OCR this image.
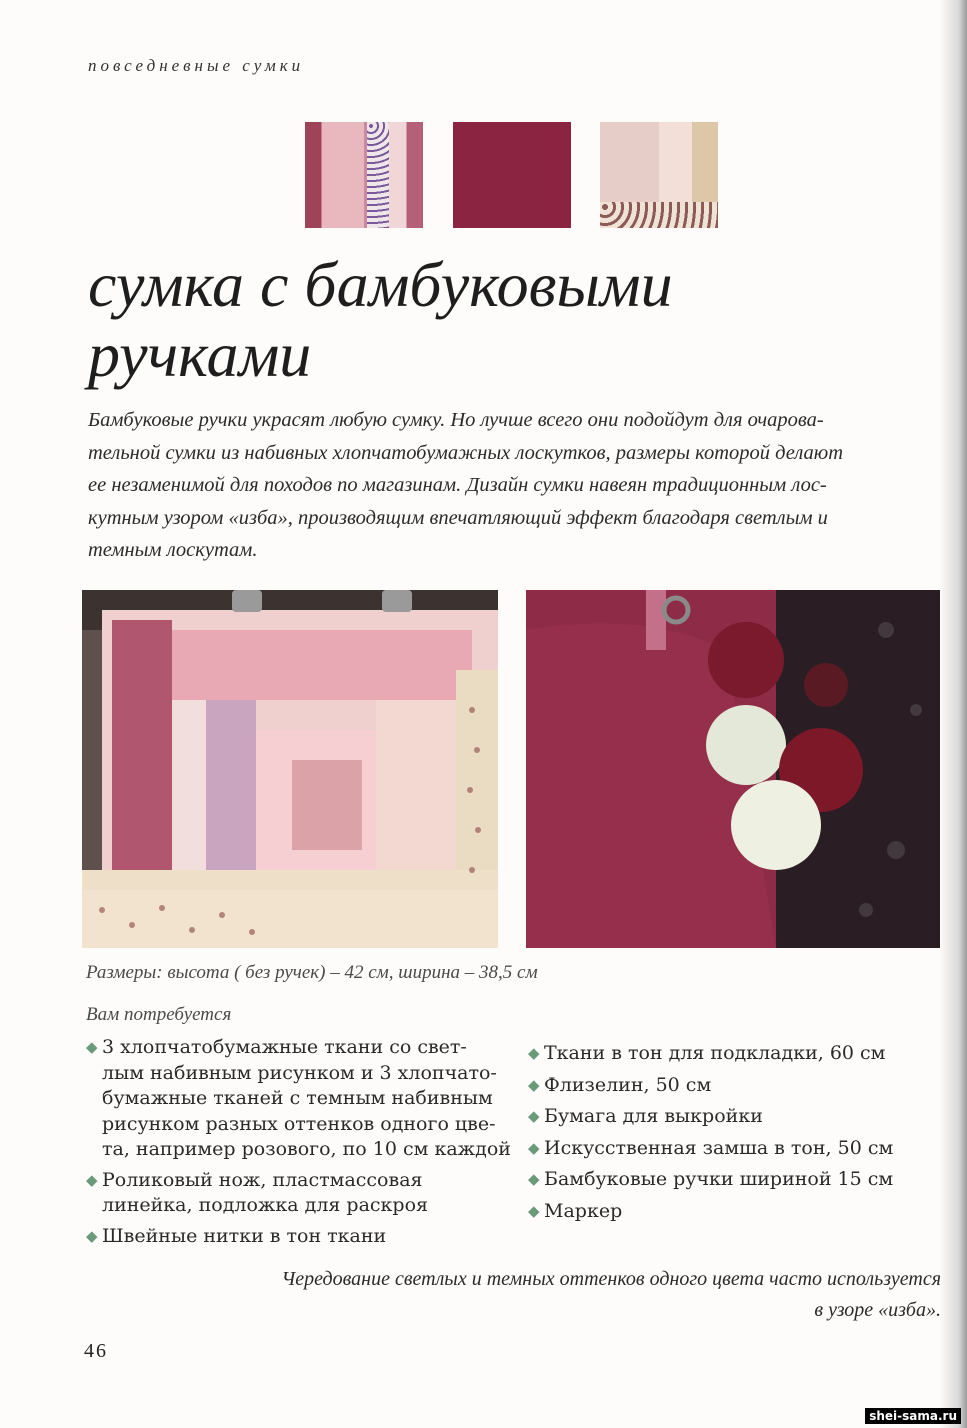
повседневные сумки
сумка с бамбуковыми
ручками
Бамбуковые ручки украсят любую сумку. Но лучше всего они подойдут для очарова-
тельной сумки из набивных хлопчатобумажных лоскутков, размеры которой делают
ее незаменимой для походов по магазинам. Дизайн сумки навеян традиционным лос-
кутным узором «изба», производящим впечатляющий эффект благодаря светлым и
темным лоскутам.
Размеры: высота ( без ручек) – 42 см, ширина – 38,5 см
Вам потребуется
◆ 3 хлопчатобумажные ткани со свет-
лым набивным рисунком и 3 хлопчато-
бумажные тканей с темным набивным
рисунком разных оттенков одного цве-
та, например розового, по 10 см каждой
◆ Роликовый нож, пластмассовая
линейка, подложка для раскроя
◆ Швейные нитки в тон ткани
◆ Ткани в тон для подкладки, 60 см
◆ Флизелин, 50 см
◆ Бумага для выкройки
◆ Искусственная замша в тон, 50 см
◆ Бамбуковые ручки шириной 15 см
◆ Маркер
Чередование светлых и темных оттенков одного цвета часто используется
в узоре «изба».
46
shei-sama.ru
